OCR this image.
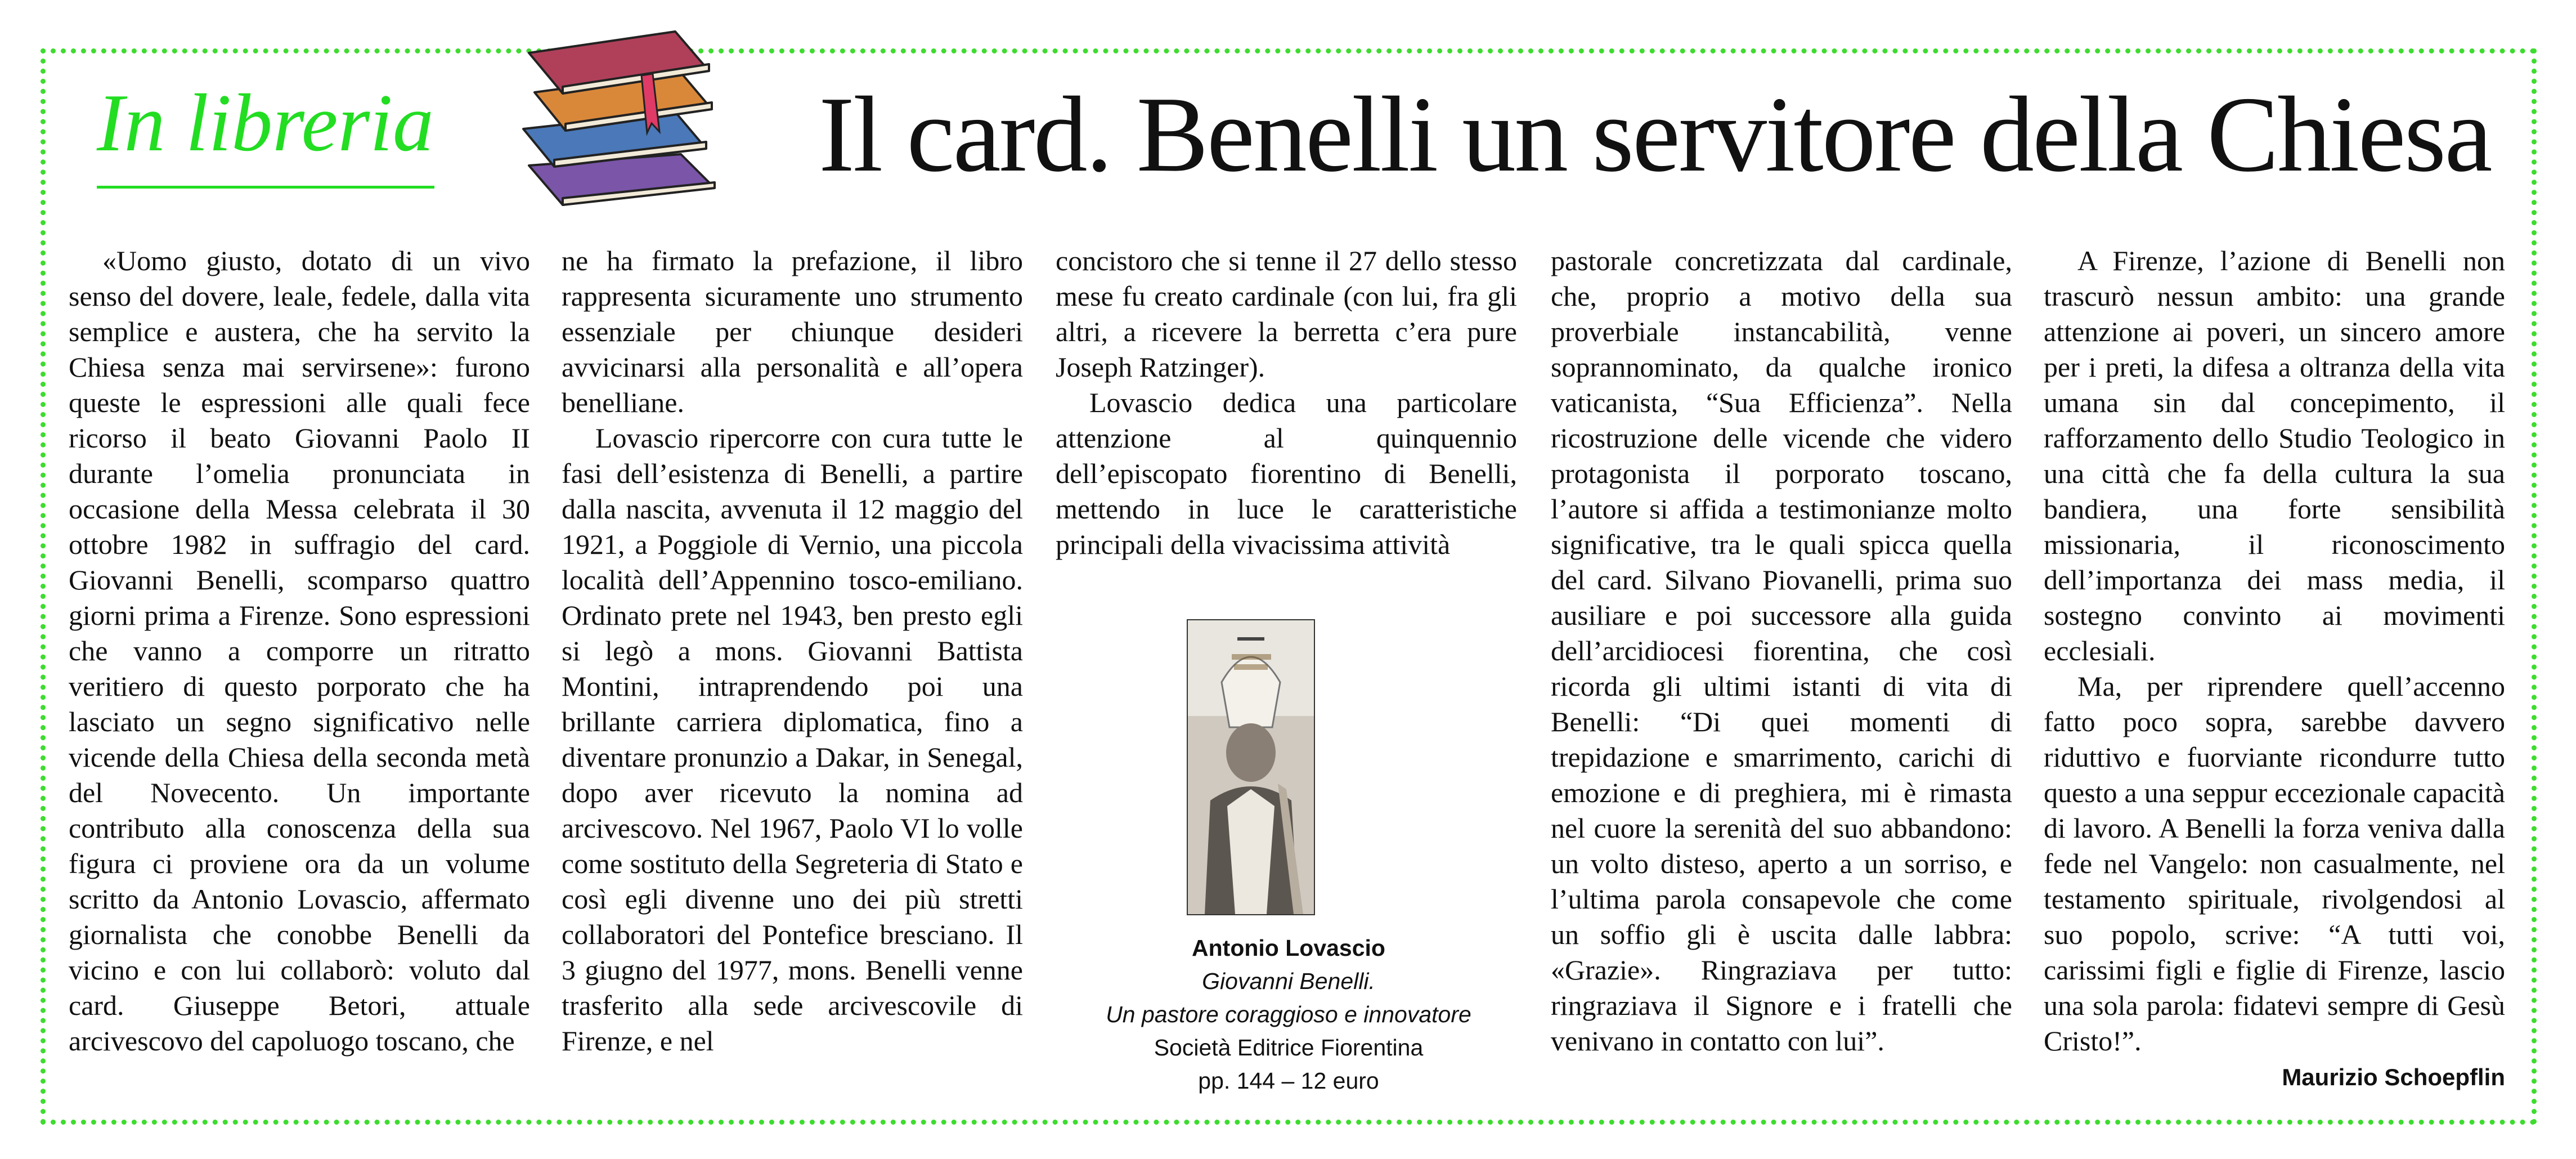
In libreria	Il card. Benelli un servitore della Chiesa

«Uomo giusto, dotato di un vivo senso del dovere, leale, fedele, dalla vita semplice e austera, che ha servito la Chiesa senza mai servirsene»: furono queste le espressioni alle quali fece ricorso il beato Giovanni Paolo II durante l’omelia pronunciata in occasione della Messa celebrata il 30 ottobre 1982 in suffragio del card. Giovanni Benelli, scomparso quattro giorni prima a Firenze. Sono espressioni che vanno a comporre un ritratto veritiero di questo porporato che ha lasciato un segno significativo nelle vicende della Chiesa della seconda metà del Novecento. Un importante contributo alla conoscenza della sua figura ci proviene ora da un volume scritto da Antonio Lovascio, affermato giornalista che conobbe Benelli da vicino e con lui collaborò: voluto dal card. Giuseppe Betori, attuale arcivescovo del capoluogo toscano, che

ne ha firmato la prefazione, il libro rappresenta sicuramente uno strumento essenziale per chiunque desideri avvicinarsi alla personalità e all’opera benelliane.

Lovascio ripercorre con cura tutte le fasi dell’esistenza di Benelli, a partire dalla nascita, avvenuta il 12 maggio del 1921, a Poggiole di Vernio, una piccola località dell’Appennino tosco-emiliano. Ordinato prete nel 1943, ben presto egli si legò a mons. Giovanni Battista Montini, intraprendendo poi una brillante carriera diplomatica, fino a diventare pronunzio a Dakar, in Senegal, dopo aver ricevuto la nomina ad arcivescovo. Nel 1967, Paolo VI lo volle come sostituto della Segreteria di Stato e così egli divenne uno dei più stretti collaboratori del Pontefice bresciano. Il 3 giugno del 1977, mons. Benelli venne trasferito alla sede arcivescovile di Firenze, e nel

concistoro che si tenne il 27 dello stesso mese fu creato cardinale (con lui, fra gli altri, a ricevere la berretta c’era pure Joseph Ratzinger).

Lovascio dedica una particolare attenzione al quinquennio dell’episcopato fiorentino di Benelli, mettendo in luce le caratteristiche principali della vivacissima attività

pastorale concretizzata dal cardinale, che, proprio a motivo della sua proverbiale instancabilità, venne soprannominato, da qualche ironico vaticanista, “Sua Efficienza”. Nella ricostruzione delle vicende che videro protagonista il porporato toscano, l’autore si affida a testimonianze molto significative, tra le quali spicca quella del card. Silvano Piovanelli, prima suo ausiliare e poi successore alla guida dell’arcidiocesi fiorentina, che così ricorda gli ultimi istanti di vita di Benelli: “Di quei momenti di trepidazione e smarrimento, carichi di emozione e di preghiera, mi è rimasta nel cuore la serenità del suo abbandono: un volto disteso, aperto a un sorriso, e l’ultima parola consapevole che come un soffio gli è uscita dalle labbra: «Grazie». Ringraziava per tutto: ringraziava il Signore e i fratelli che venivano in contatto con lui”.

A Firenze, l’azione di Benelli non trascurò nessun ambito: una grande attenzione ai poveri, un sincero amore per i preti, la difesa a oltranza della vita umana sin dal concepimento, il rafforzamento dello Studio Teologico in una città che fa della cultura la sua bandiera, una forte sensibilità missionaria, il riconoscimento dell’importanza dei mass media, il sostegno convinto ai movimenti ecclesiali.

Ma, per riprendere quell’accenno fatto poco sopra, sarebbe davvero riduttivo e fuorviante ricondurre tutto questo a una seppur eccezionale capacità di lavoro. A Benelli la forza veniva dalla fede nel Vangelo: non casualmente, nel testamento spirituale, rivolgendosi al suo popolo, scrive: “A tutti voi, carissimi figli e figlie di Firenze, lascio una sola parola: fidatevi sempre di Gesù Cristo!”.

Antonio Lovascio
Giovanni Benelli.
Un pastore coraggioso e innovatore
Società Editrice Fiorentina
pp. 144 – 12 euro	Maurizio Schoepflin
